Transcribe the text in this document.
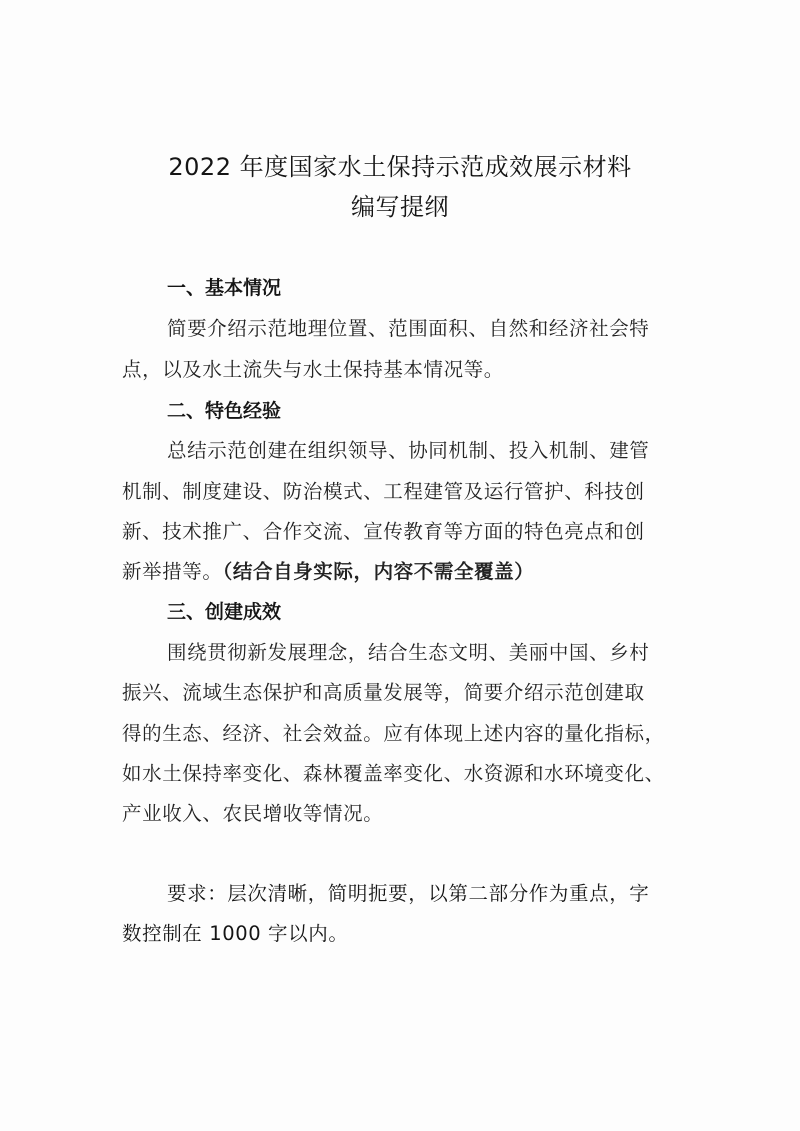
2022 年度国家水土保持示范成效展示材料
编写提纲
一、基本情况
简要介绍示范地理位置、范围面积、自然和经济社会特
点，以及水土流失与水土保持基本情况等。
二、特色经验
总结示范创建在组织领导、协同机制、投入机制、建管
机制、制度建设、防治模式、工程建管及运行管护、科技创
新、技术推广、合作交流、宣传教育等方面的特色亮点和创
新举措等。（结合自身实际，内容不需全覆盖）
三、创建成效
围绕贯彻新发展理念，结合生态文明、美丽中国、乡村
振兴、流域生态保护和高质量发展等，简要介绍示范创建取
得的生态、经济、社会效益。应有体现上述内容的量化指标，
如水土保持率变化、森林覆盖率变化、水资源和水环境变化、
产业收入、农民增收等情况。
要求：层次清晰，简明扼要，以第二部分作为重点，字
数控制在 1000 字以内。
